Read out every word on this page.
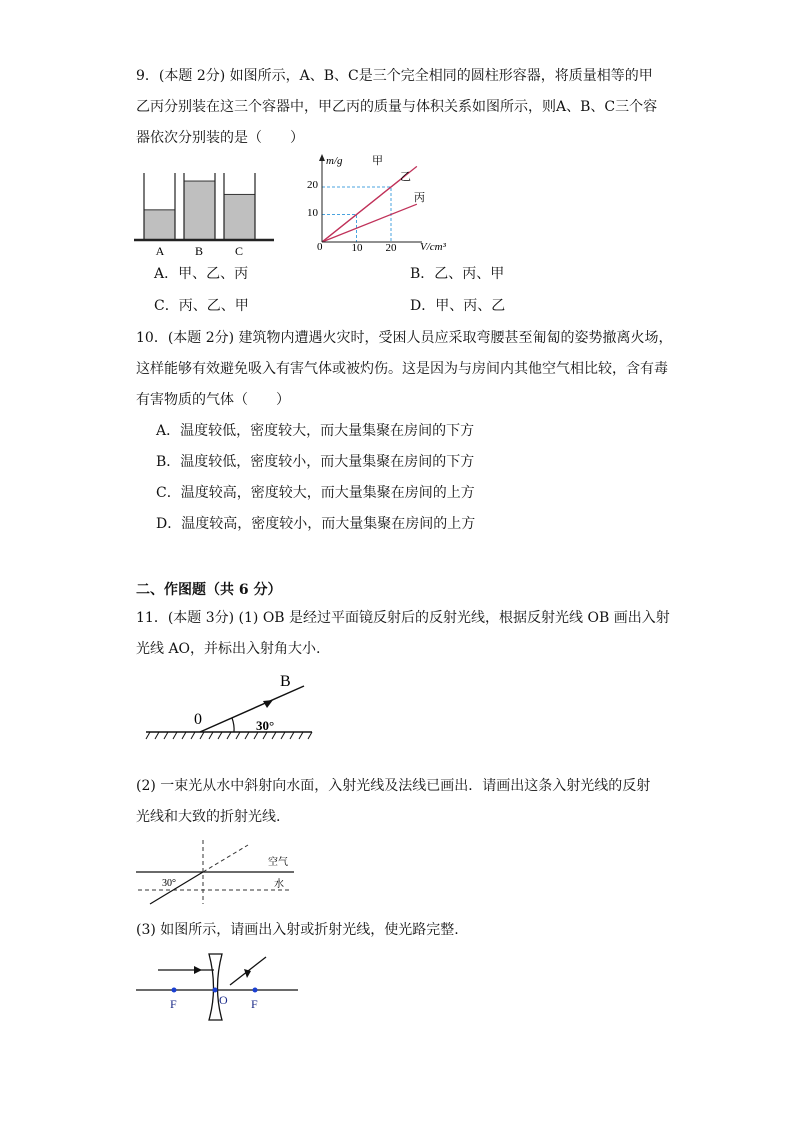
9．(本题 2分) 如图所示，A、B、C是三个完全相同的圆柱形容器，将质量相等的甲
乙丙分别装在这三个容器中，甲乙丙的质量与体积关系如图所示，则A、B、C三个容
器依次分别装的是（　　）
A	B	C
m/g
V/cm³
0	10 20
10
20
甲
乙
丙
A．甲、乙、丙	B．乙、丙、甲
C．丙、乙、甲	D．甲、丙、乙
10．(本题 2分) 建筑物内遭遇火灾时，受困人员应采取弯腰甚至匍匐的姿势撤离火场，
这样能够有效避免吸入有害气体或被灼伤。这是因为与房间内其他空气相比较，含有毒
有害物质的气体（　　）
A．温度较低，密度较大，而大量集聚在房间的下方
B．温度较低，密度较小，而大量集聚在房间的下方
C．温度较高，密度较大，而大量集聚在房间的上方
D．温度较高，密度较小，而大量集聚在房间的上方
二、作图题（共 6 分）
11．(本题 3分) (1) OB 是经过平面镜反射后的反射光线，根据反射光线 OB 画出入射
光线 AO，并标出入射角大小.
B
0	30°
(2) 一束光从水中斜射向水面，入射光线及法线已画出．请画出这条入射光线的反射
光线和大致的折射光线.
30°
空气
水
(3) 如图所示，请画出入射或折射光线，使光路完整.
F	O F
